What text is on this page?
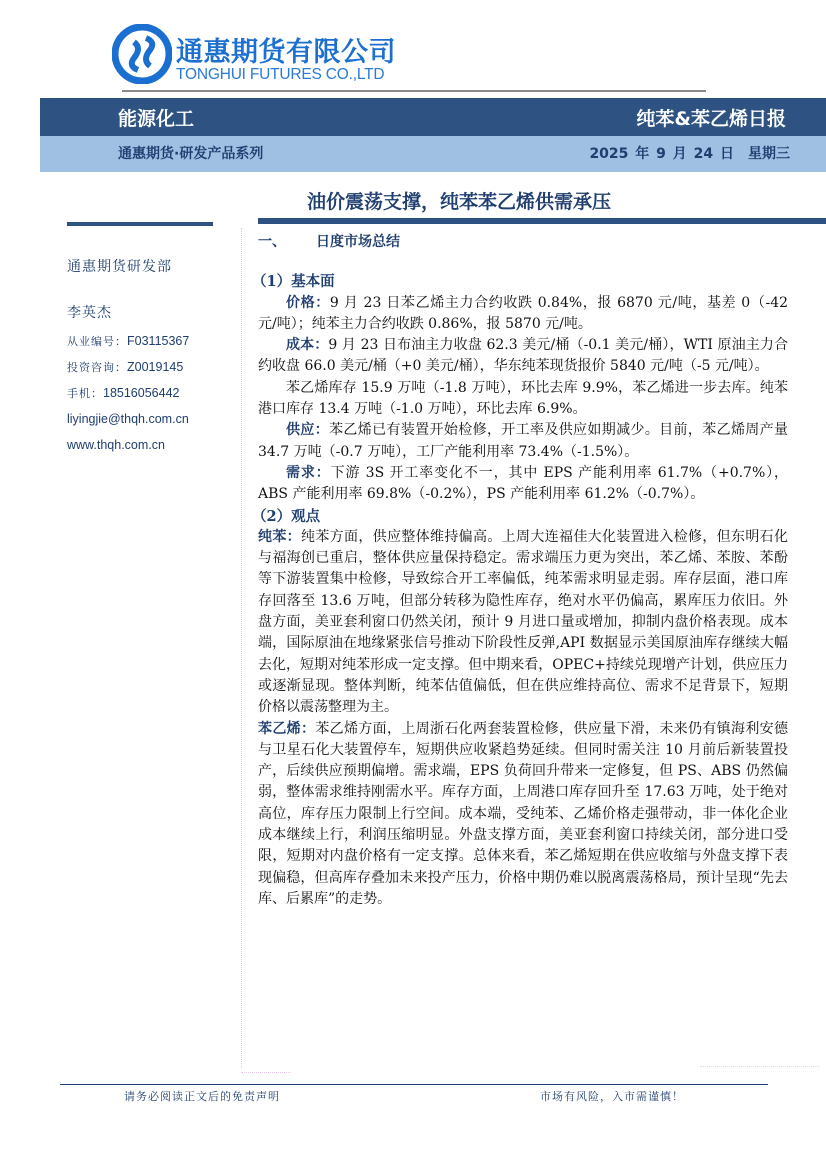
通惠期货有限公司
TONGHUI FUTURES CO.,LTD
能源化工	纯苯&苯乙烯日报
通惠期货·研发产品系列	2025 年 9 月 24 日 星期三
油价震荡支撑，纯苯苯乙烯供需承压
通惠期货研发部
李英杰
从业编号：F03115367
投资咨询：Z0019145
手机：18516056442
liyingjie@thqh.com.cn
www.thqh.com.cn
一、 日度市场总结
（1）基本面
价格：9 月 23 日苯乙烯主力合约收跌 0.84%，报 6870 元/吨，基差 0（-42 元/吨）；纯苯主力合约收跌 0.86%，报 5870 元/吨。
成本：9 月 23 日布油主力收盘 62.3 美元/桶（-0.1 美元/桶），WTI 原油主力合约收盘 66.0 美元/桶（+0 美元/桶），华东纯苯现货报价 5840 元/吨（-5 元/吨）。
苯乙烯库存 15.9 万吨（-1.8 万吨），环比去库 9.9%，苯乙烯进一步去库。纯苯港口库存 13.4 万吨（-1.0 万吨），环比去库 6.9%。
供应：苯乙烯已有装置开始检修，开工率及供应如期减少。目前，苯乙烯周产量 34.7 万吨（-0.7 万吨），工厂产能利用率 73.4%（-1.5%）。
需求：下游 3S 开工率变化不一，其中 EPS 产能利用率 61.7%（+0.7%），ABS 产能利用率 69.8%（-0.2%），PS 产能利用率 61.2%（-0.7%）。
（2）观点
纯苯：纯苯方面，供应整体维持偏高。上周大连福佳大化装置进入检修，但东明石化与福海创已重启，整体供应量保持稳定。需求端压力更为突出，苯乙烯、苯胺、苯酚等下游装置集中检修，导致综合开工率偏低，纯苯需求明显走弱。库存层面，港口库存回落至 13.6 万吨，但部分转移为隐性库存，绝对水平仍偏高，累库压力依旧。外盘方面，美亚套利窗口仍然关闭，预计 9 月进口量或增加，抑制内盘价格表现。成本端，国际原油在地缘紧张信号推动下阶段性反弹,API 数据显示美国原油库存继续大幅去化，短期对纯苯形成一定支撑。但中期来看，OPEC+持续兑现增产计划，供应压力或逐渐显现。整体判断，纯苯估值偏低，但在供应维持高位、需求不足背景下，短期价格以震荡整理为主。
苯乙烯：苯乙烯方面，上周浙石化两套装置检修，供应量下滑，未来仍有镇海利安德与卫星石化大装置停车，短期供应收紧趋势延续。但同时需关注 10 月前后新装置投产，后续供应预期偏增。需求端，EPS 负荷回升带来一定修复，但 PS、ABS 仍然偏弱，整体需求维持刚需水平。库存方面，上周港口库存回升至 17.63 万吨，处于绝对高位，库存压力限制上行空间。成本端，受纯苯、乙烯价格走强带动，非一体化企业成本继续上行，利润压缩明显。外盘支撑方面，美亚套利窗口持续关闭，部分进口受限，短期对内盘价格有一定支撑。总体来看，苯乙烯短期在供应收缩与外盘支撑下表现偏稳，但高库存叠加未来投产压力，价格中期仍难以脱离震荡格局，预计呈现“先去库、后累库”的走势。
请务必阅读正文后的免责声明	市场有风险，入市需谨慎！
